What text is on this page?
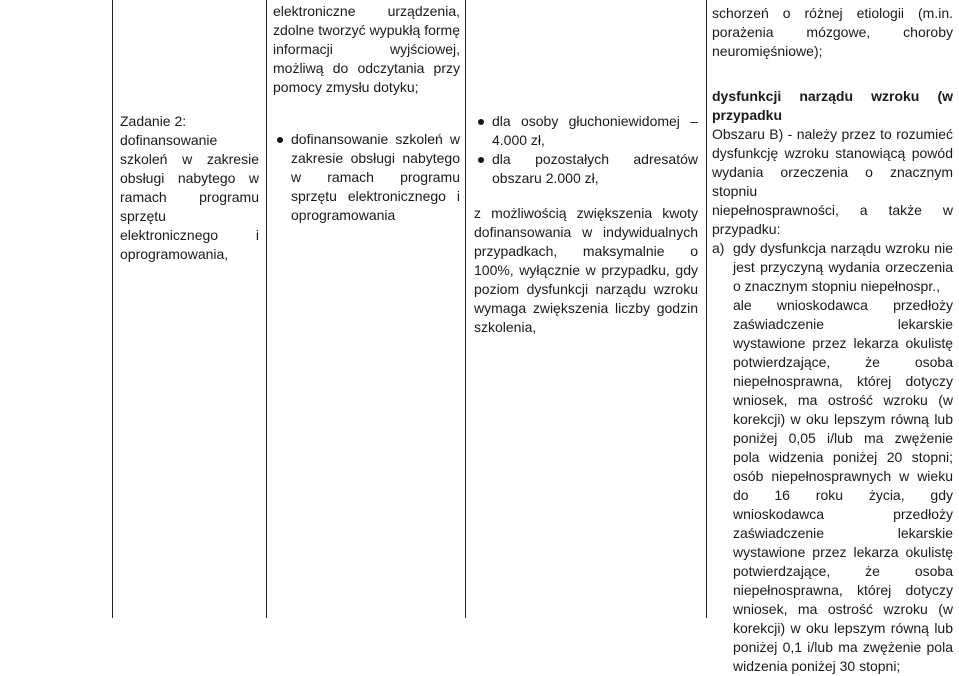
Zadanie 2:

dofinansowanie szkoleń w zakresie obsługi nabytego w ramach programu sprzętu elektronicznego i oprogramowania,

elektroniczne urządzenia, zdolne tworzyć wypukłą formę informacji wyjściowej, możliwą do odczytania przy pomocy zmysłu dotyku;

dofinansowanie szkoleń w zakresie obsługi nabytego w ramach programu sprzętu elektronicznego i oprogramowania
dla osoby głuchoniewidomej – 4.000 zł,
dla pozostałych adresatów obszaru 2.000 zł,

z możliwością zwiększenia kwoty dofinansowania w indywidualnych przypadkach, maksymalnie o 100%, wyłącznie w przypadku, gdy poziom dysfunkcji narządu wzroku wymaga zwiększenia liczby godzin szkolenia,

schorzeń o różnej etiologii (m.in. porażenia mózgowe, choroby neuromięśniowe);

dysfunkcji narządu wzroku (w przypadku

Obszaru B) - należy przez to rozumieć dysfunkcję wzroku stanowiącą powód wydania orzeczenia o znacznym stopniu

niepełnosprawności, a także w przypadku:

a) gdy dysfunkcja narządu wzroku nie jest przyczyną wydania orzeczenia o znacznym stopniu niepełnospr.,

ale wnioskodawca przedłoży zaświadczenie lekarskie wystawione przez lekarza okulistę potwierdzające, że osoba niepełnosprawna, której dotyczy wniosek, ma ostrość wzroku (w korekcji) w oku lepszym równą lub poniżej 0,05 i/lub ma zwężenie pola widzenia poniżej 20 stopni; osób niepełnosprawnych w wieku do 16 roku życia, gdy wnioskodawca przedłoży zaświadczenie lekarskie wystawione przez lekarza okulistę potwierdzające, że osoba niepełnosprawna, której dotyczy wniosek, ma ostrość wzroku (w korekcji) w oku lepszym równą lub poniżej 0,1 i/lub ma zwężenie pola widzenia poniżej 30 stopni;
